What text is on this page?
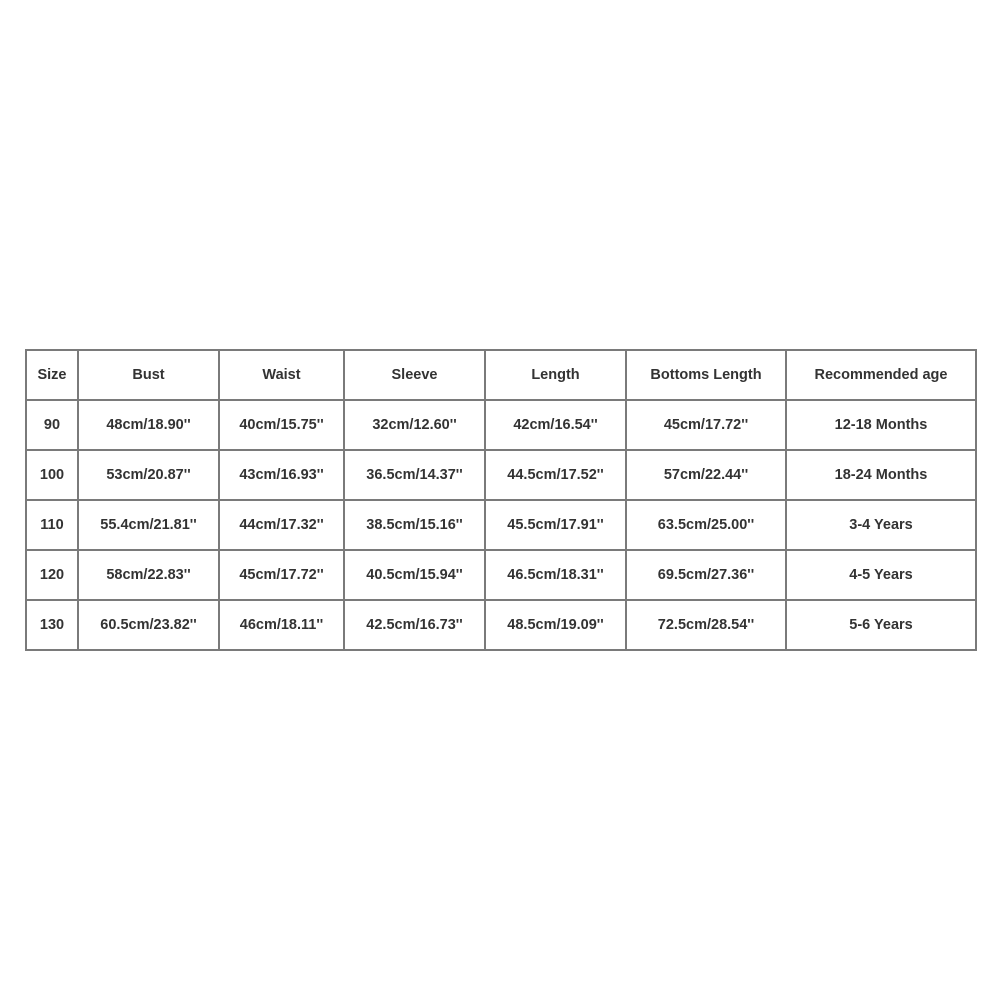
Size	Bust	Waist	Sleeve	Length	Bottoms Length	Recommended age
90	48cm/18.90''	40cm/15.75''	32cm/12.60''	42cm/16.54''	45cm/17.72''	12-18 Months
100	53cm/20.87''	43cm/16.93''	36.5cm/14.37''	44.5cm/17.52''	57cm/22.44''	18-24 Months
110	55.4cm/21.81''	44cm/17.32''	38.5cm/15.16''	45.5cm/17.91''	63.5cm/25.00''	3-4 Years
120	58cm/22.83''	45cm/17.72''	40.5cm/15.94''	46.5cm/18.31''	69.5cm/27.36''	4-5 Years
130	60.5cm/23.82''	46cm/18.11''	42.5cm/16.73''	48.5cm/19.09''	72.5cm/28.54''	5-6 Years
